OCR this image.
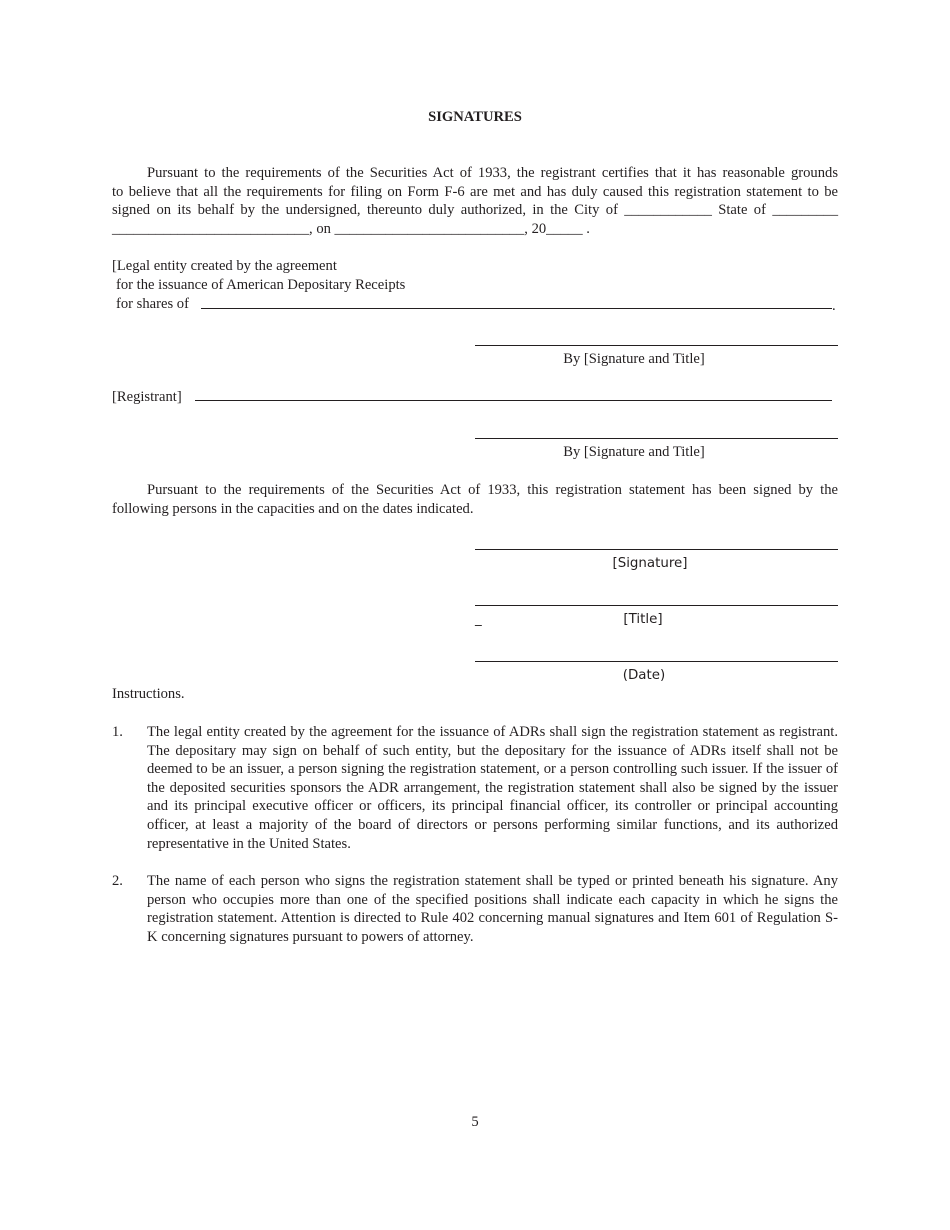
SIGNATURES
Pursuant to the requirements of the Securities Act of 1933, the registrant certifies that it has reasonable grounds
to believe that all the requirements for filing on Form F-6 are met and has duly caused this registration statement to be
signed on its behalf by the undersigned, thereunto duly authorized, in the City of ____________ State of _________
___________________________, on __________________________, 20_____ .
[Legal entity created by the agreement
for the issuance of American Depositary Receipts
for shares of	.
By [Signature and Title]
[Registrant]
By [Signature and Title]
Pursuant to the requirements of the Securities Act of 1933, this registration statement has been signed by the
following persons in the capacities and on the dates indicated.
[Signature]
_	[Title]
(Date)
Instructions.
1. The legal entity created by the agreement for the issuance of ADRs shall sign the registration statement as registrant. The depositary may sign on behalf of such entity, but the depositary for the issuance of ADRs itself shall not be deemed to be an issuer, a person signing the registration statement, or a person controlling such issuer. If the issuer of the deposited securities sponsors the ADR arrangement, the registration statement shall also be signed by the issuer and its principal executive officer or officers, its principal financial officer, its controller or principal accounting officer, at least a majority of the board of directors or persons performing similar functions, and its authorized representative in the United States.
2. The name of each person who signs the registration statement shall be typed or printed beneath his signature. Any person who occupies more than one of the specified positions shall indicate each capacity in which he signs the registration statement. Attention is directed to Rule 402 concerning manual signatures and Item 601 of Regulation S-K concerning signatures pursuant to powers of attorney.
5
